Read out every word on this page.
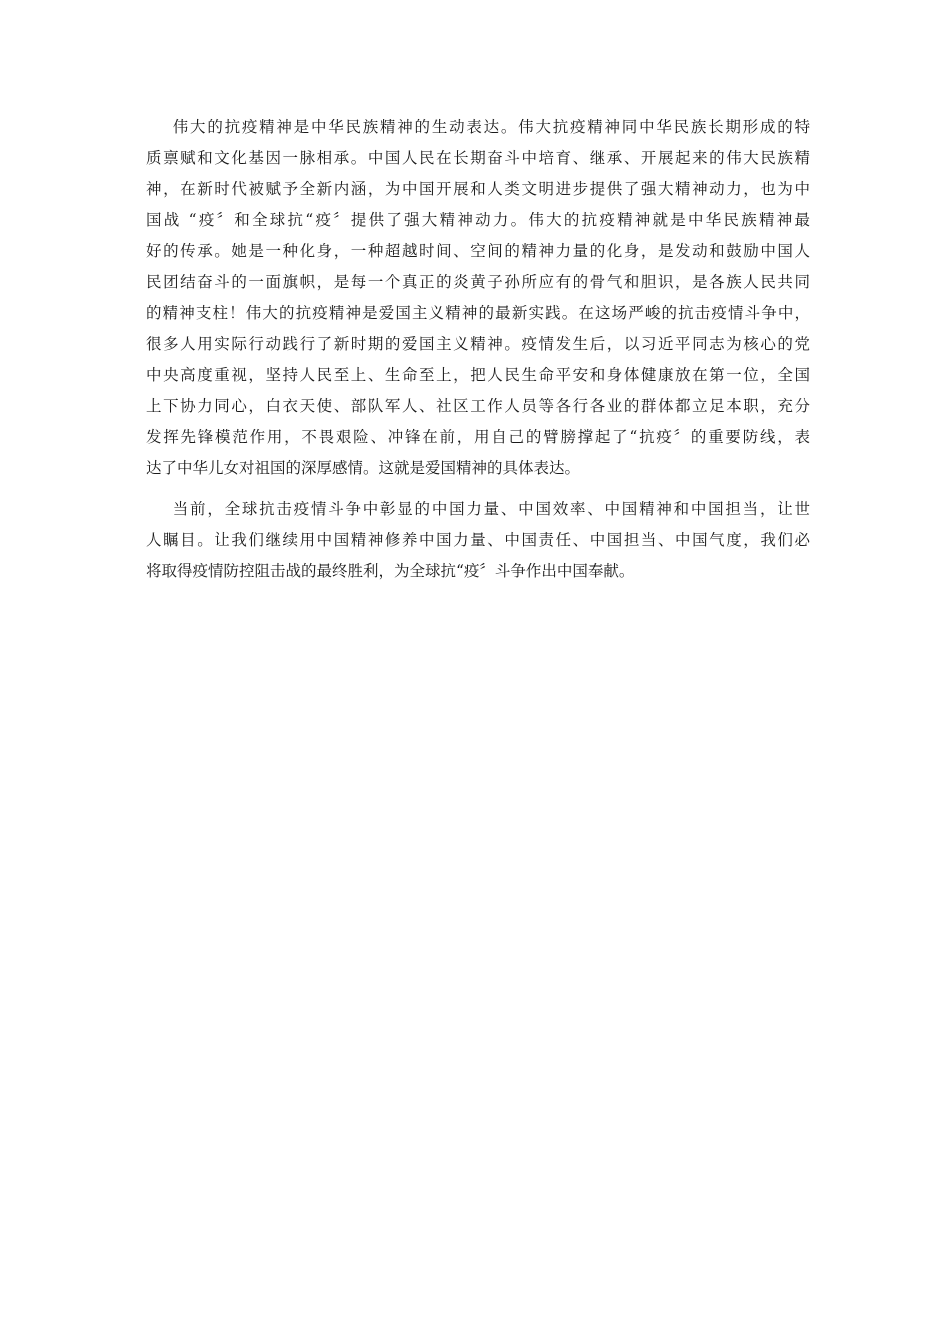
伟大的抗疫精神是中华民族精神的生动表达。伟大抗疫精神同中华民族长期形成的特
质禀赋和文化基因一脉相承。中国人民在长期奋斗中培育、继承、开展起来的伟大民族精
神，在新时代被赋予全新内涵，为中国开展和人类文明进步提供了强大精神动力，也为中
国战 “疫〞和全球抗“疫〞提供了强大精神动力。伟大的抗疫精神就是中华民族精神最
好的传承。她是一种化身，一种超越时间、空间的精神力量的化身，是发动和鼓励中国人
民团结奋斗的一面旗帜，是每一个真正的炎黄子孙所应有的骨气和胆识，是各族人民共同
的精神支柱！伟大的抗疫精神是爱国主义精神的最新实践。在这场严峻的抗击疫情斗争中，
很多人用实际行动践行了新时期的爱国主义精神。疫情发生后，以习近平同志为核心的党
中央高度重视，坚持人民至上、生命至上，把人民生命平安和身体健康放在第一位，全国
上下协力同心，白衣天使、部队军人、社区工作人员等各行各业的群体都立足本职，充分
发挥先锋模范作用，不畏艰险、冲锋在前，用自己的臂膀撑起了“抗疫〞的重要防线，表
达了中华儿女对祖国的深厚感情。这就是爱国精神的具体表达。
当前，全球抗击疫情斗争中彰显的中国力量、中国效率、中国精神和中国担当，让世
人瞩目。让我们继续用中国精神修养中国力量、中国责任、中国担当、中国气度，我们必
将取得疫情防控阻击战的最终胜利，为全球抗“疫〞斗争作出中国奉献。
